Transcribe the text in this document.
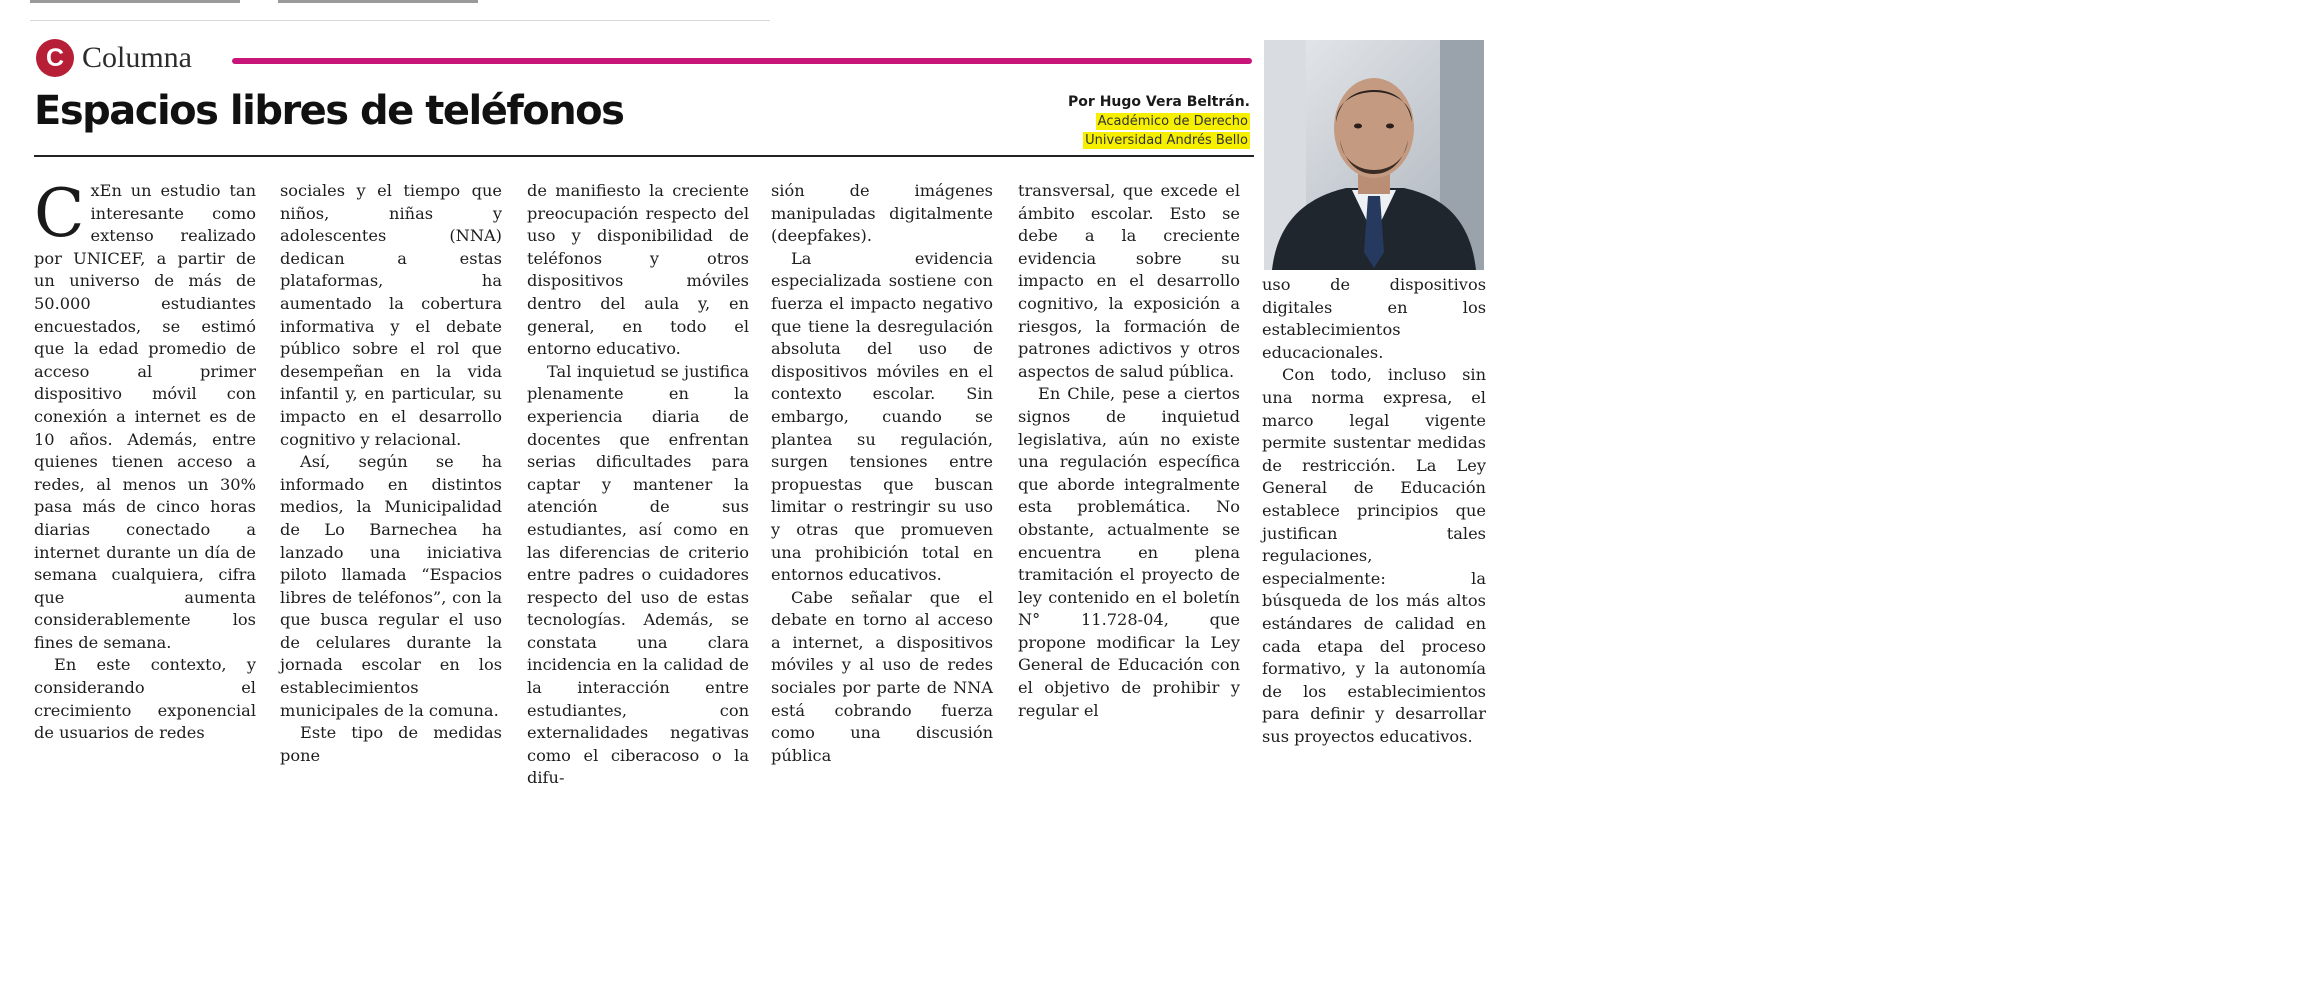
C Columna
Espacios libres de teléfonos	Por Hugo Vera Beltrán.
Académico de Derecho
Universidad Andrés Bello
C xEn un estudio tan interesante como extenso realizado por UNICEF, a partir de un universo de más de 50.000 estudiantes encuestados, se estimó que la edad promedio de acceso al primer dispositivo móvil con conexión a internet es de 10 años. Además, entre quienes tienen acceso a redes, al menos un 30% pasa más de cinco horas diarias conectado a internet durante un día de semana cualquiera, cifra que aumenta considerablemente los fines de semana.

En este contexto, y considerando el crecimiento exponencial de usuarios de redes

sociales y el tiempo que niños, niñas y adolescentes (NNA) dedican a estas plataformas, ha aumentado la cobertura informativa y el debate público sobre el rol que desempeñan en la vida infantil y, en particular, su impacto en el desarrollo cognitivo y relacional.

Así, según se ha informado en distintos medios, la Municipalidad de Lo Barnechea ha lanzado una iniciativa piloto llamada “Espacios libres de teléfonos”, con la que busca regular el uso de celulares durante la jornada escolar en los establecimientos municipales de la comuna.

Este tipo de medidas pone

de manifiesto la creciente preocupación respecto del uso y disponibilidad de teléfonos y otros dispositivos móviles dentro del aula y, en general, en todo el entorno educativo.

Tal inquietud se justifica plenamente en la experiencia diaria de docentes que enfrentan serias dificultades para captar y mantener la atención de sus estudiantes, así como en las diferencias de criterio entre padres o cuidadores respecto del uso de estas tecnologías. Además, se constata una clara incidencia en la calidad de la interacción entre estudiantes, con externalidades negativas como el ciberacoso o la difu-

sión de imágenes manipuladas digitalmente (deepfakes).

La evidencia especializada sostiene con fuerza el impacto negativo que tiene la desregulación absoluta del uso de dispositivos móviles en el contexto escolar. Sin embargo, cuando se plantea su regulación, surgen tensiones entre propuestas que buscan limitar o restringir su uso y otras que promueven una prohibición total en entornos educativos.

Cabe señalar que el debate en torno al acceso a internet, a dispositivos móviles y al uso de redes sociales por parte de NNA está cobrando fuerza como una discusión pública

transversal, que excede el ámbito escolar. Esto se debe a la creciente evidencia sobre su impacto en el desarrollo cognitivo, la exposición a riesgos, la formación de patrones adictivos y otros aspectos de salud pública.

En Chile, pese a ciertos signos de inquietud legislativa, aún no existe una regulación específica que aborde integralmente esta problemática. No obstante, actualmente se encuentra en plena tramitación el proyecto de ley contenido en el boletín N° 11.728-04, que propone modificar la Ley General de Educación con el objetivo de prohibir y regular el

uso de dispositivos digitales en los establecimientos educacionales.

Con todo, incluso sin una norma expresa, el marco legal vigente permite sustentar medidas de restricción. La Ley General de Educación establece principios que justifican tales regulaciones, especialmente: la búsqueda de los más altos estándares de calidad en cada etapa del proceso formativo, y la autonomía de los establecimientos para definir y desarrollar sus proyectos educativos.
